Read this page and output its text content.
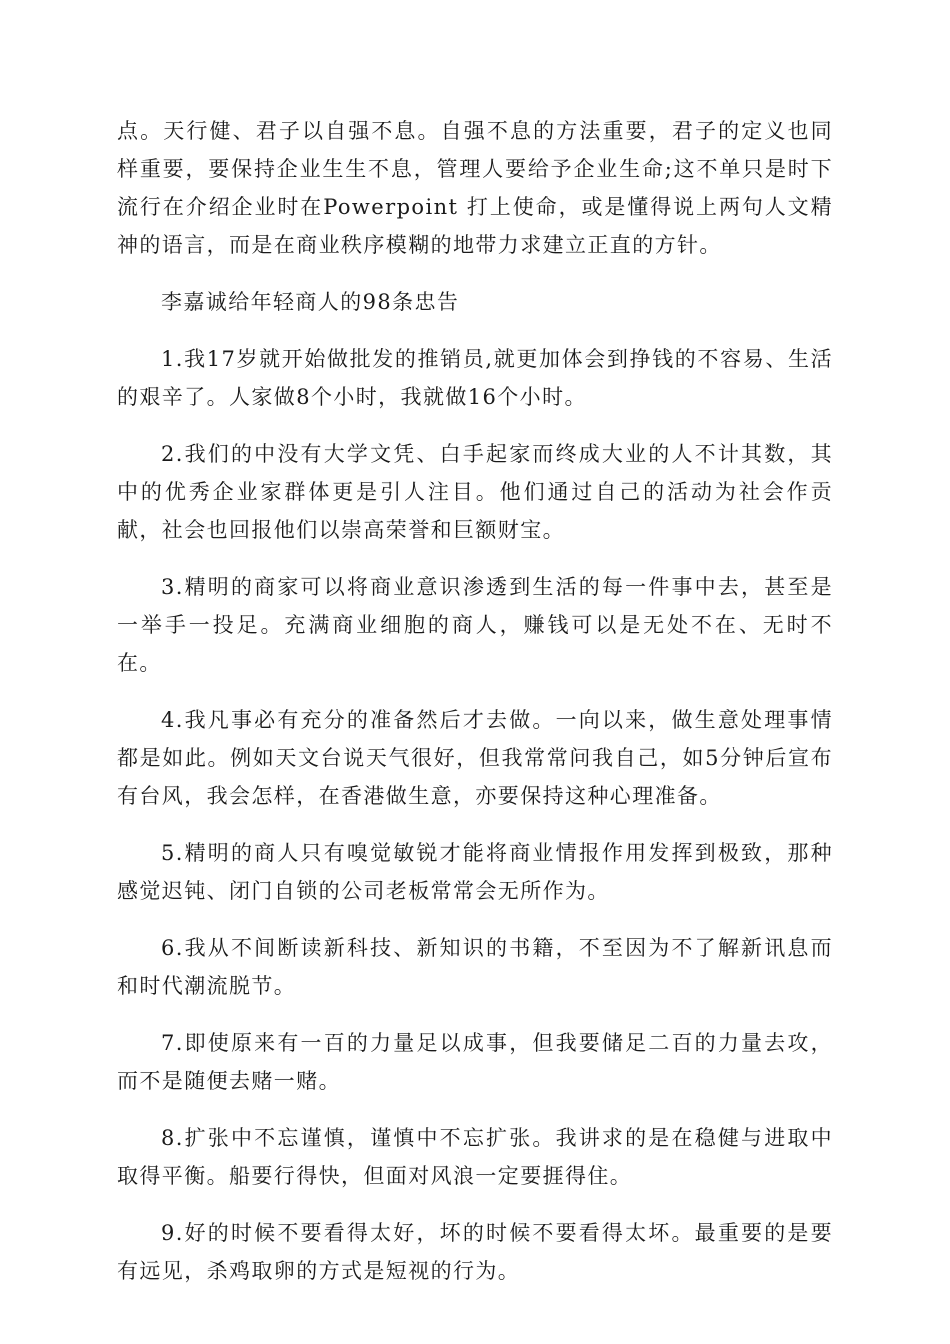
点。天行健、君子以自强不息。自强不息的方法重要，君子的定义也同样重要，要保持企业生生不息，管理人要给予企业生命;这不单只是时下流行在介绍企业时在Powerpoint 打上使命，或是懂得说上两句人文精神的语言，而是在商业秩序模糊的地带力求建立正直的方针。

李嘉诚给年轻商人的98条忠告

1.我17岁就开始做批发的推销员,就更加体会到挣钱的不容易、生活的艰辛了。人家做8个小时，我就做16个小时。

2.我们的中没有大学文凭、白手起家而终成大业的人不计其数，其中的优秀企业家群体更是引人注目。他们通过自己的活动为社会作贡献，社会也回报他们以崇高荣誉和巨额财宝。

3.精明的商家可以将商业意识渗透到生活的每一件事中去，甚至是一举手一投足。充满商业细胞的商人，赚钱可以是无处不在、无时不在。

4.我凡事必有充分的准备然后才去做。一向以来，做生意处理事情都是如此。例如天文台说天气很好，但我常常问我自己，如5分钟后宣布有台风，我会怎样，在香港做生意，亦要保持这种心理准备。

5.精明的商人只有嗅觉敏锐才能将商业情报作用发挥到极致，那种感觉迟钝、闭门自锁的公司老板常常会无所作为。

6.我从不间断读新科技、新知识的书籍，不至因为不了解新讯息而和时代潮流脱节。

7.即使原来有一百的力量足以成事，但我要储足二百的力量去攻，而不是随便去赌一赌。

8.扩张中不忘谨慎，谨慎中不忘扩张。我讲求的是在稳健与进取中取得平衡。船要行得快，但面对风浪一定要捱得住。

9.好的时候不要看得太好，坏的时候不要看得太坏。最重要的是要有远见，杀鸡取卵的方式是短视的行为。
